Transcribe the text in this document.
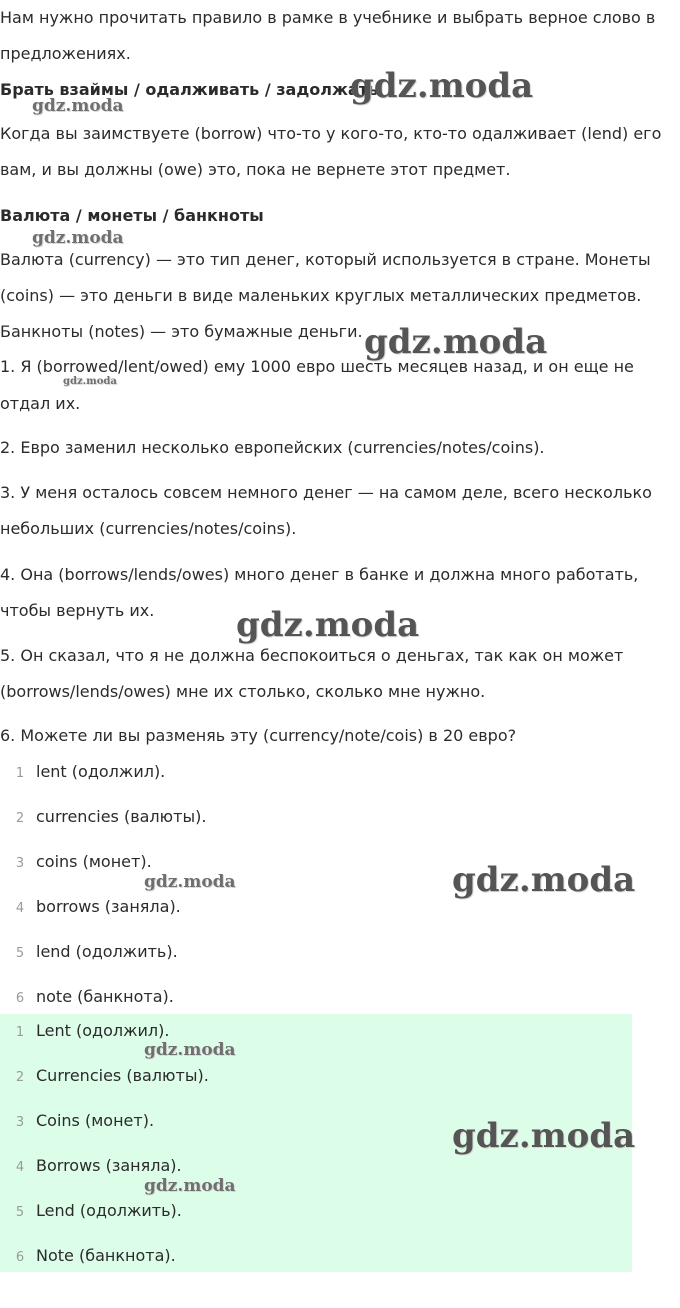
Нам нужно прочитать правило в рамке в учебнике и выбрать верное слово в

предложениях.

Брать взаймы / одалживать / задолжать

Когда вы заимствуете (borrow) что-то у кого-то, кто-то одалживает (lend) его

вам, и вы должны (owe) это, пока не вернете этот предмет.

Валюта / монеты / банкноты

Валюта (currency) — это тип денег, который используется в стране. Монеты

(coins) — это деньги в виде маленьких круглых металлических предметов.

Банкноты (notes) — это бумажные деньги.

1. Я (borrowed/lent/owed) ему 1000 евро шесть месяцев назад, и он еще не

отдал их.

2. Евро заменил несколько европейских (currencies/notes/coins).

3. У меня осталось совсем немного денег — на самом деле, всего несколько

небольших (currencies/notes/coins).

4. Она (borrows/lends/owes) много денег в банке и должна много работать,

чтобы вернуть их.

5. Он сказал, что я не должна беспокоиться о деньгах, так как он может

(borrows/lends/owes) мне их столько, сколько мне нужно.

6. Можете ли вы разменяь эту (currency/note/cois) в 20 евро?

1 lent (одолжил).
2 currencies (валюты).
3 coins (монет).
4 borrows (заняла).
5 lend (одолжить).
6 note (банкнота).
1 Lent (одолжил).
2 Currencies (валюты).
3 Coins (монет).
4 Borrows (заняла).
5 Lend (одолжить).
6 Note (банкнота).
gdz.moda
gdz.moda
gdz.moda
gdz.moda
gdz.moda
gdz.moda
gdz.moda
gdz.moda
gdz.moda
gdz.moda
gdz.moda
